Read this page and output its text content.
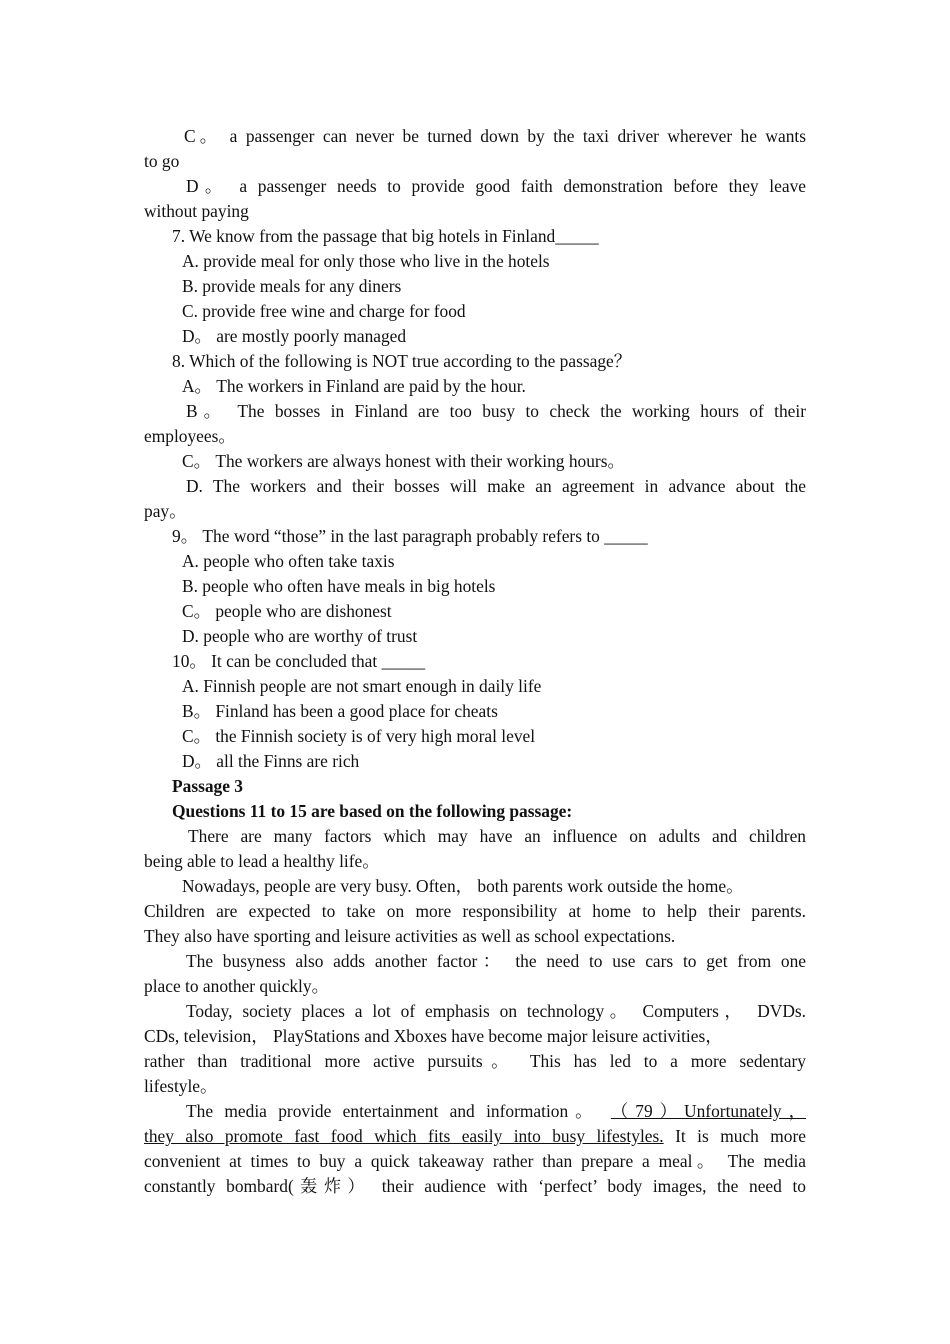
C。 a passenger can never be turned down by the taxi driver wherever he wants
to go
D。 a passenger needs to provide good faith demonstration before they leave
without paying
7. We know from the passage that big hotels in Finland_____
A. provide meal for only those who live in the hotels
B. provide meals for any diners
C. provide free wine and charge for food
D。 are mostly poorly managed
8. Which of the following is NOT true according to the passage？
A。 The workers in Finland are paid by the hour.
B。 The bosses in Finland are too busy to check the working hours of their
employees。
C。 The workers are always honest with their working hours。
D. The workers and their bosses will make an agreement in advance about the
pay。
9。 The word “those” in the last paragraph probably refers to _____
A. people who often take taxis
B. people who often have meals in big hotels
C。 people who are dishonest
D. people who are worthy of trust
10。 It can be concluded that _____
A. Finnish people are not smart enough in daily life
B。 Finland has been a good place for cheats
C。 the Finnish society is of very high moral level
D。 all the Finns are rich
Passage 3
Questions 11 to 15 are based on the following passage:
There are many factors which may have an influence on adults and children
being able to lead a healthy life。
Nowadays, people are very busy. Often， both parents work outside the home。
Children are expected to take on more responsibility at home to help their parents.
They also have sporting and leisure activities as well as school expectations.
The busyness also adds another factor： the need to use cars to get from one
place to another quickly。
Today, society places a lot of emphasis on technology。 Computers， DVDs.
CDs, television， PlayStations and Xboxes have become major leisure activities，
rather than traditional more active pursuits。 This has led to a more sedentary
lifestyle。
The media provide entertainment and information。 （79）Unfortunately，
they also promote fast food which fits easily into busy lifestyles. It is much more
convenient at times to buy a quick takeaway rather than prepare a meal。 The media
constantly bombard(轰炸） their audience with ‘perfect’ body images, the need to
